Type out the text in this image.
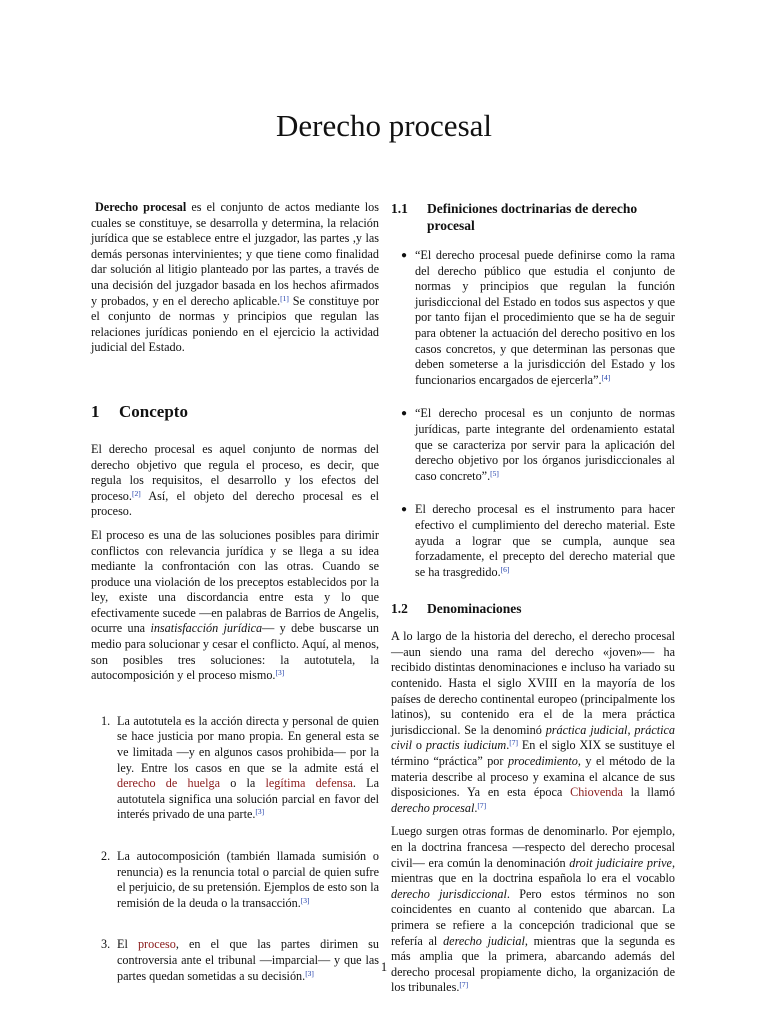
Derecho procesal

Derecho procesal es el conjunto de actos mediante los cuales se constituye, se desarrolla y determina, la relación jurídica que se establece entre el juzgador, las partes ,y las demás personas intervinientes; y que tiene como finalidad dar solución al litigio planteado por las partes, a través de una decisión del juzgador basada en los hechos afirmados y probados, y en el derecho aplicable.[1] Se constituye por el conjunto de normas y principios que regulan las relaciones jurídicas poniendo en el ejercicio la actividad judicial del Estado.

1	Concepto

El derecho procesal es aquel conjunto de normas del derecho objetivo que regula el proceso, es decir, que regula los requisitos, el desarrollo y los efectos del proceso.[2] Así, el objeto del derecho procesal es el proceso.

El proceso es una de las soluciones posibles para dirimir conflictos con relevancia jurídica y se llega a su idea mediante la confrontación con las otras. Cuando se produce una violación de los preceptos establecidos por la ley, existe una discordancia entre esta y lo que efectivamente sucede —en palabras de Barrios de Angelis, ocurre una insatisfacción jurídica— y debe buscarse un medio para solucionar y cesar el conflicto. Aquí, al menos, son posibles tres soluciones: la autotutela, la autocomposición y el proceso mismo.[3]

1. La autotutela es la acción directa y personal de quien se hace justicia por mano propia. En general esta se ve limitada —y en algunos casos prohibida— por la ley. Entre los casos en que se la admite está el derecho de huelga o la legítima defensa. La autotutela significa una solución parcial en favor del interés privado de una parte.[3]

2. La autocomposición (también llamada sumisión o renuncia) es la renuncia total o parcial de quien sufre el perjuicio, de su pretensión. Ejemplos de esto son la remisión de la deuda o la transacción.[3]

3. El proceso, en el que las partes dirimen su controversia ante el tribunal —imparcial— y que las partes quedan sometidas a su decisión.[3]

1.1	Definiciones doctrinarias de derecho procesal
● “El derecho procesal puede definirse como la rama del derecho público que estudia el conjunto de normas y principios que regulan la función jurisdiccional del Estado en todos sus aspectos y que por tanto fijan el procedimiento que se ha de seguir para obtener la actuación del derecho positivo en los casos concretos, y que determinan las personas que deben someterse a la jurisdicción del Estado y los funcionarios encargados de ejercerla”.[4]

● “El derecho procesal es un conjunto de normas jurídicas, parte integrante del ordenamiento estatal que se caracteriza por servir para la aplicación del derecho objetivo por los órganos jurisdiccionales al caso concreto”.[5]

● El derecho procesal es el instrumento para hacer efectivo el cumplimiento del derecho material. Este ayuda a lograr que se cumpla, aunque sea forzadamente, el precepto del derecho material que se ha trasgredido.[6]

1.2	Denominaciones

A lo largo de la historia del derecho, el derecho procesal —aun siendo una rama del derecho «joven»— ha recibido distintas denominaciones e incluso ha variado su contenido. Hasta el siglo XVIII en la mayoría de los países de derecho continental europeo (principalmente los latinos), su contenido era el de la mera práctica jurisdiccional. Se la denominó práctica judicial, práctica civil o practis iudicium.[7] En el siglo XIX se sustituye el término “práctica” por procedimiento, y el método de la materia describe al proceso y examina el alcance de sus disposiciones. Ya en esta época Chiovenda la llamó derecho procesal.[7]

Luego surgen otras formas de denominarlo. Por ejemplo, en la doctrina francesa —respecto del derecho procesal civil— era común la denominación droit judiciaire prive, mientras que en la doctrina española lo era el vocablo derecho jurisdiccional. Pero estos términos no son coincidentes en cuanto al contenido que abarcan. La primera se refiere a la concepción tradicional que se refería al derecho judicial, mientras que la segunda es más amplia que la primera, abarcando además del derecho procesal propiamente dicho, la organización de los tribunales.[7]

1
